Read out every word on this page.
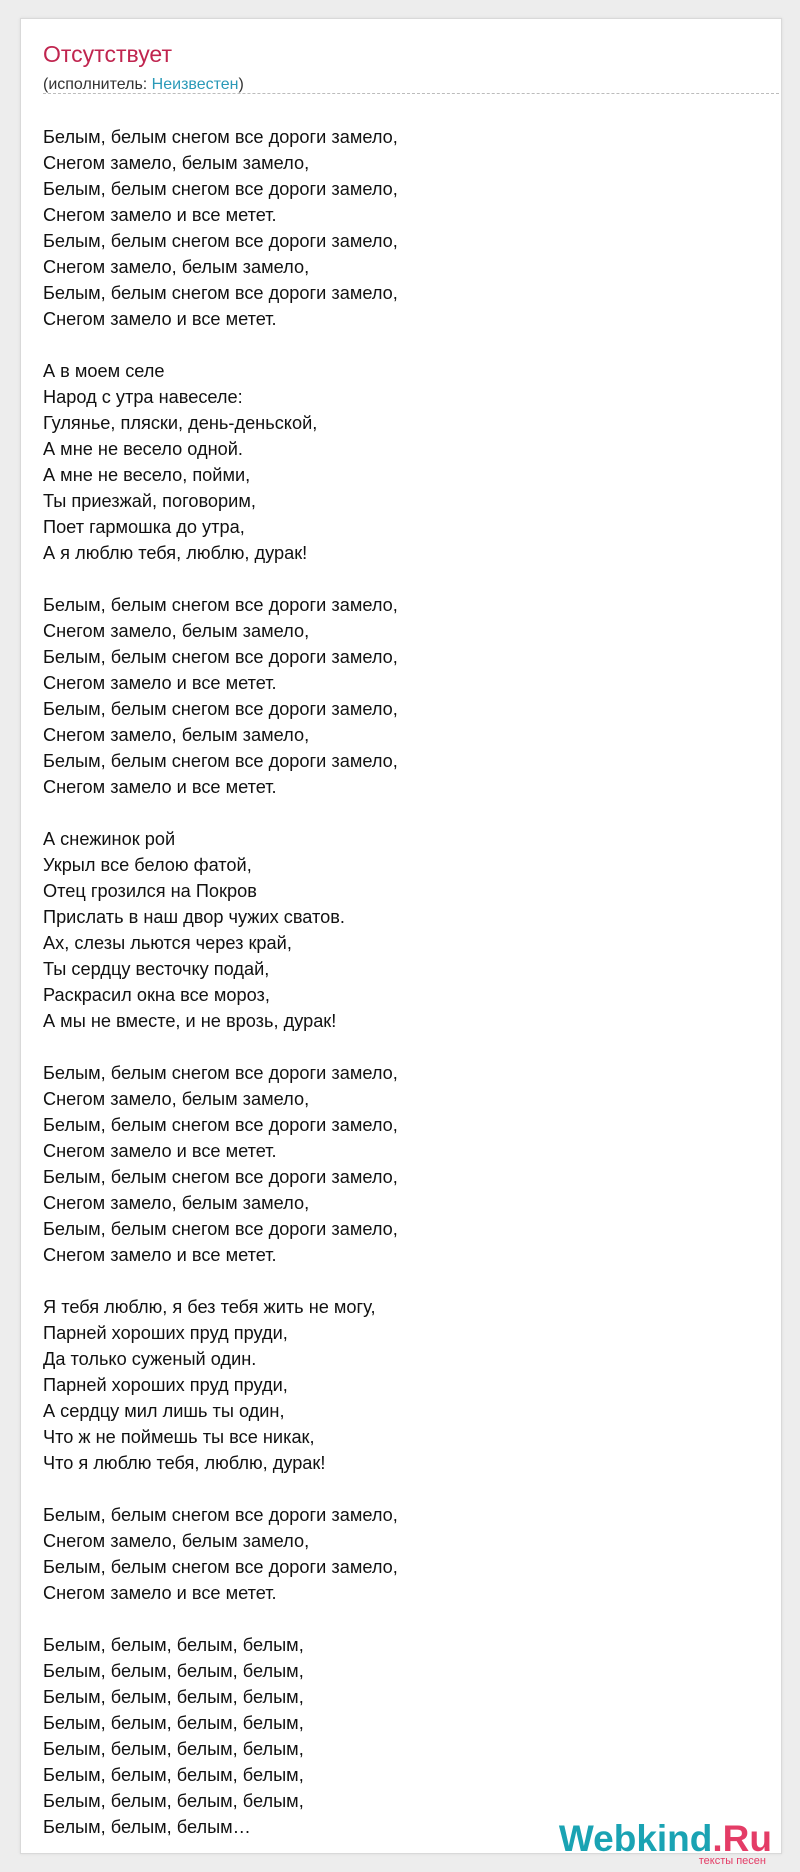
Отсутствует
(исполнитель: Неизвестен)
Белым, белым снегом все дороги замело,
Снегом замело, белым замело,
Белым, белым снегом все дороги замело,
Снегом замело и все метет.
Белым, белым снегом все дороги замело,
Снегом замело, белым замело,
Белым, белым снегом все дороги замело,
Снегом замело и все метет.
А в моем селе
Народ с утра навеселе:
Гулянье, пляски, день-деньской,
А мне не весело одной.
А мне не весело, пойми,
Ты приезжай, поговорим,
Поет гармошка до утра,
А я люблю тебя, люблю, дурак!
Белым, белым снегом все дороги замело,
Снегом замело, белым замело,
Белым, белым снегом все дороги замело,
Снегом замело и все метет.
Белым, белым снегом все дороги замело,
Снегом замело, белым замело,
Белым, белым снегом все дороги замело,
Снегом замело и все метет.
А снежинок рой
Укрыл все белою фатой,
Отец грозился на Покров
Прислать в наш двор чужих сватов.
Ах, слезы льются через край,
Ты сердцу весточку подай,
Раскрасил окна все мороз,
А мы не вместе, и не врозь, дурак!
Белым, белым снегом все дороги замело,
Снегом замело, белым замело,
Белым, белым снегом все дороги замело,
Снегом замело и все метет.
Белым, белым снегом все дороги замело,
Снегом замело, белым замело,
Белым, белым снегом все дороги замело,
Снегом замело и все метет.
Я тебя люблю, я без тебя жить не могу,
Парней хороших пруд пруди,
Да только суженый один.
Парней хороших пруд пруди,
А сердцу мил лишь ты один,
Что ж не поймешь ты все никак,
Что я люблю тебя, люблю, дурак!
Белым, белым снегом все дороги замело,
Снегом замело, белым замело,
Белым, белым снегом все дороги замело,
Снегом замело и все метет.
Белым, белым, белым, белым,
Белым, белым, белым, белым,
Белым, белым, белым, белым,
Белым, белым, белым, белым,
Белым, белым, белым, белым,
Белым, белым, белым, белым,
Белым, белым, белым, белым,
Белым, белым, белым…	Webkind.Ru
тексты песен
